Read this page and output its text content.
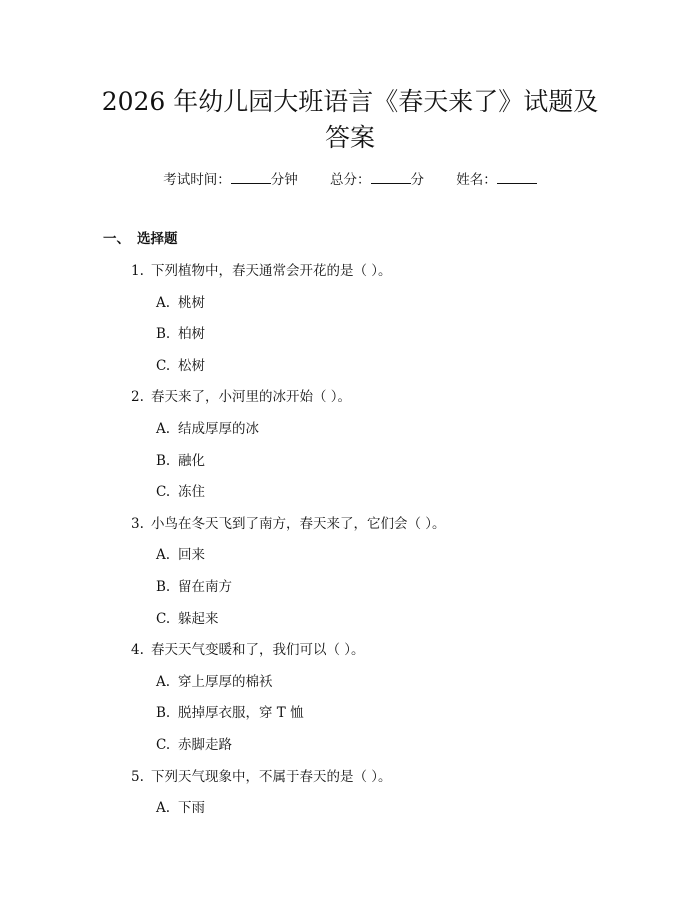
2026 年幼儿园大班语言《春天来了》试题及
答案
考试时间：	分钟 总分：	分 姓名：
一、 选择题
1. 下列植物中，春天通常会开花的是（ ）。
A. 桃树
B. 柏树
C. 松树
2. 春天来了，小河里的冰开始（ ）。
A. 结成厚厚的冰
B. 融化
C. 冻住
3. 小鸟在冬天飞到了南方，春天来了，它们会（ ）。
A. 回来
B. 留在南方
C. 躲起来
4. 春天天气变暖和了，我们可以（ ）。
A. 穿上厚厚的棉袄
B. 脱掉厚衣服，穿 T 恤
C. 赤脚走路
5. 下列天气现象中，不属于春天的是（ ）。
A. 下雨
